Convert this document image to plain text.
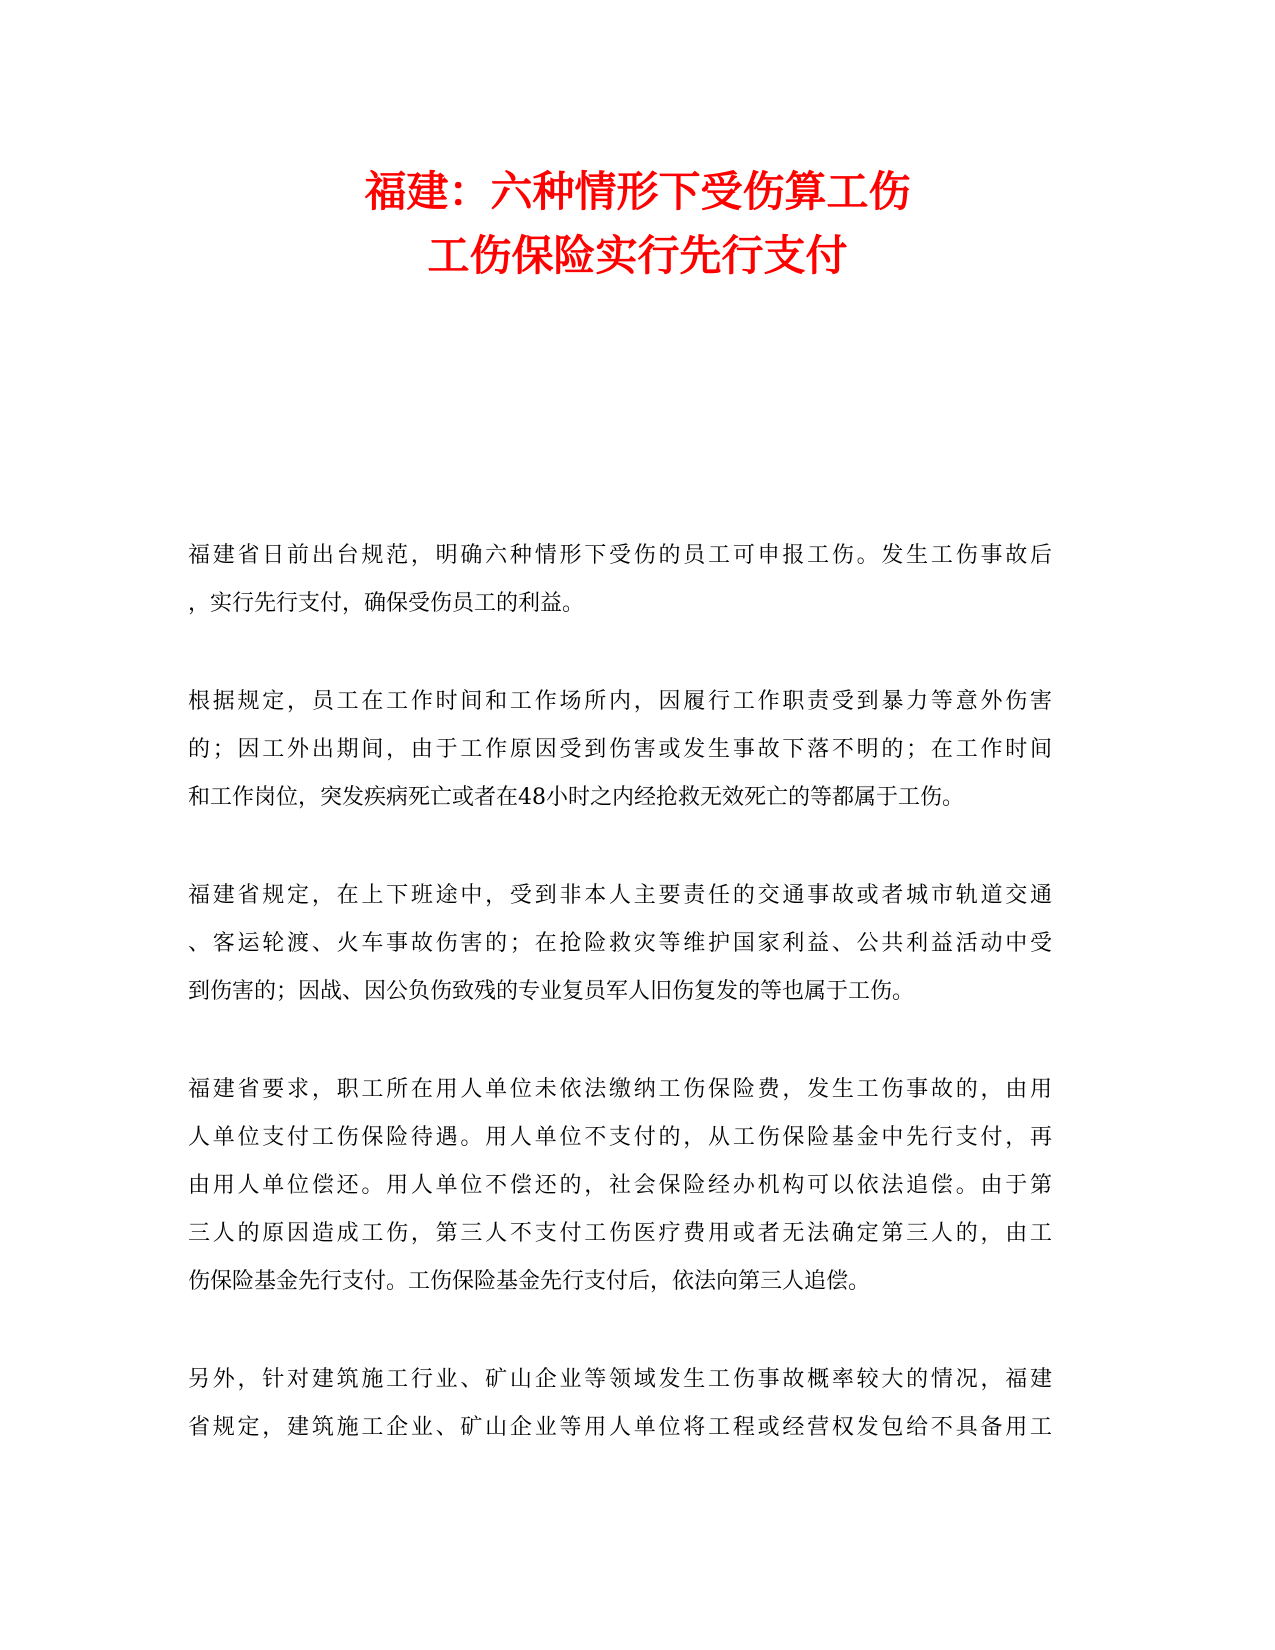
福建：六种情形下受伤算工伤
工伤保险实行先行支付

福建省日前出台规范，明确六种情形下受伤的员工可申报工伤。发生工伤事故后
，实行先行支付，确保受伤员工的利益。

根据规定，员工在工作时间和工作场所内，因履行工作职责受到暴力等意外伤害
的；因工外出期间，由于工作原因受到伤害或发生事故下落不明的；在工作时间
和工作岗位，突发疾病死亡或者在48小时之内经抢救无效死亡的等都属于工伤。

福建省规定，在上下班途中，受到非本人主要责任的交通事故或者城市轨道交通
、客运轮渡、火车事故伤害的；在抢险救灾等维护国家利益、公共利益活动中受
到伤害的；因战、因公负伤致残的专业复员军人旧伤复发的等也属于工伤。

福建省要求，职工所在用人单位未依法缴纳工伤保险费，发生工伤事故的，由用
人单位支付工伤保险待遇。用人单位不支付的，从工伤保险基金中先行支付，再
由用人单位偿还。用人单位不偿还的，社会保险经办机构可以依法追偿。由于第
三人的原因造成工伤，第三人不支付工伤医疗费用或者无法确定第三人的，由工
伤保险基金先行支付。工伤保险基金先行支付后，依法向第三人追偿。

另外，针对建筑施工行业、矿山企业等领域发生工伤事故概率较大的情况，福建
省规定，建筑施工企业、矿山企业等用人单位将工程或经营权发包给不具备用工
